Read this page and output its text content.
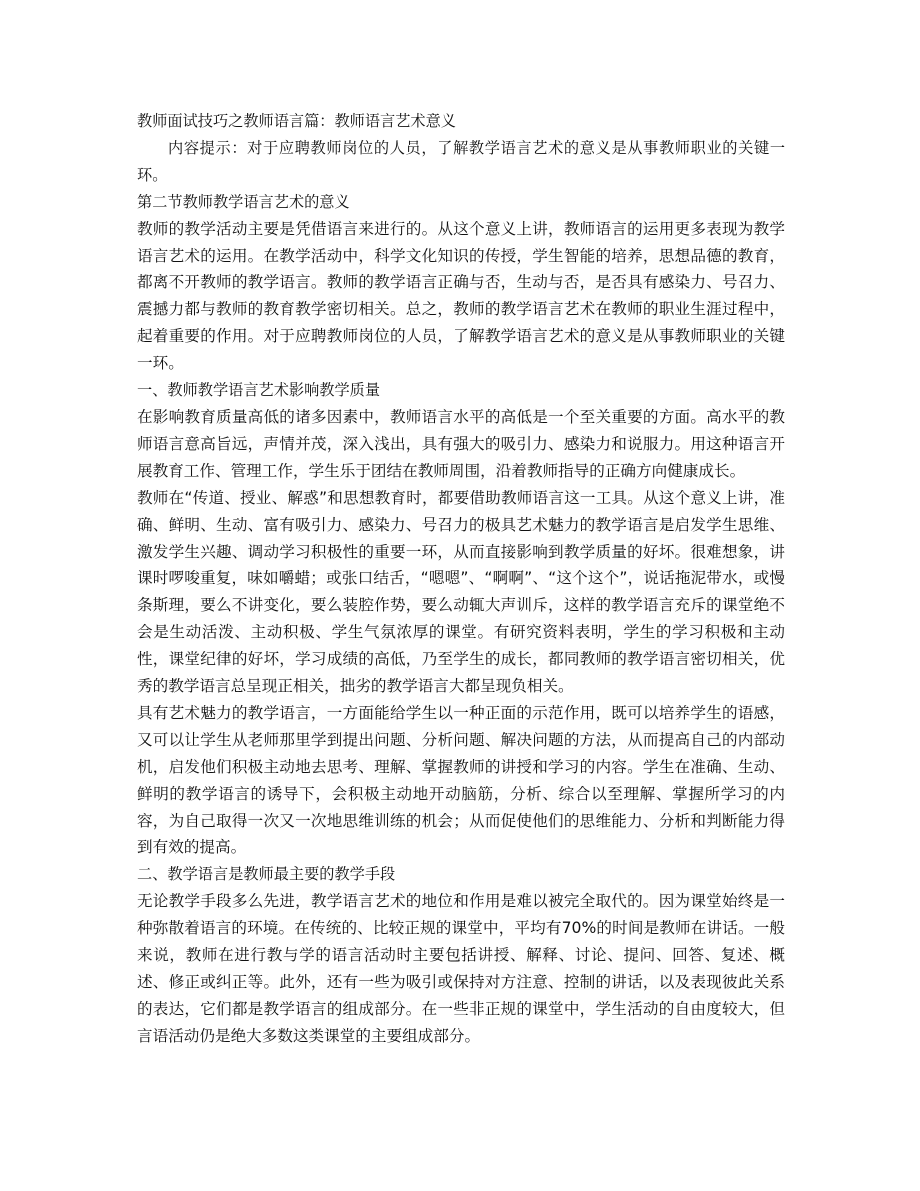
教师面试技巧之教师语言篇：教师语言艺术意义

内容提示：对于应聘教师岗位的人员，了解教学语言艺术的意义是从事教师职业的关键一环。

第二节教师教学语言艺术的意义

教师的教学活动主要是凭借语言来进行的。从这个意义上讲，教师语言的运用更多表现为教学语言艺术的运用。在教学活动中，科学文化知识的传授，学生智能的培养，思想品德的教育，都离不开教师的教学语言。教师的教学语言正确与否，生动与否，是否具有感染力、号召力、震撼力都与教师的教育教学密切相关。总之，教师的教学语言艺术在教师的职业生涯过程中，起着重要的作用。对于应聘教师岗位的人员，了解教学语言艺术的意义是从事教师职业的关键一环。

一、教师教学语言艺术影响教学质量

在影响教育质量高低的诸多因素中，教师语言水平的高低是一个至关重要的方面。高水平的教师语言意高旨远，声情并茂，深入浅出，具有强大的吸引力、感染力和说服力。用这种语言开展教育工作、管理工作，学生乐于团结在教师周围，沿着教师指导的正确方向健康成长。

教师在“传道、授业、解惑”和思想教育时，都要借助教师语言这一工具。从这个意义上讲，准确、鲜明、生动、富有吸引力、感染力、号召力的极具艺术魅力的教学语言是启发学生思维、激发学生兴趣、调动学习积极性的重要一环，从而直接影响到教学质量的好坏。很难想象，讲课时啰唆重复，味如嚼蜡；或张口结舌，“嗯嗯”、“啊啊”、“这个这个”，说话拖泥带水，或慢条斯理，要么不讲变化，要么装腔作势，要么动辄大声训斥，这样的教学语言充斥的课堂绝不会是生动活泼、主动积极、学生气氛浓厚的课堂。有研究资料表明，学生的学习积极和主动性，课堂纪律的好坏，学习成绩的高低，乃至学生的成长，都同教师的教学语言密切相关，优秀的教学语言总呈现正相关，拙劣的教学语言大都呈现负相关。

具有艺术魅力的教学语言，一方面能给学生以一种正面的示范作用，既可以培养学生的语感，又可以让学生从老师那里学到提出问题、分析问题、解决问题的方法，从而提高自己的内部动机，启发他们积极主动地去思考、理解、掌握教师的讲授和学习的内容。学生在准确、生动、鲜明的教学语言的诱导下，会积极主动地开动脑筋，分析、综合以至理解、掌握所学习的内容，为自己取得一次又一次地思维训练的机会；从而促使他们的思维能力、分析和判断能力得到有效的提高。

二、教学语言是教师最主要的教学手段

无论教学手段多么先进，教学语言艺术的地位和作用是难以被完全取代的。因为课堂始终是一种弥散着语言的环境。在传统的、比较正规的课堂中，平均有70%的时间是教师在讲话。一般来说，教师在进行教与学的语言活动时主要包括讲授、解释、讨论、提问、回答、复述、概述、修正或纠正等。此外，还有一些为吸引或保持对方注意、控制的讲话，以及表现彼此关系的表达，它们都是教学语言的组成部分。在一些非正规的课堂中，学生活动的自由度较大，但言语活动仍是绝大多数这类课堂的主要组成部分。
